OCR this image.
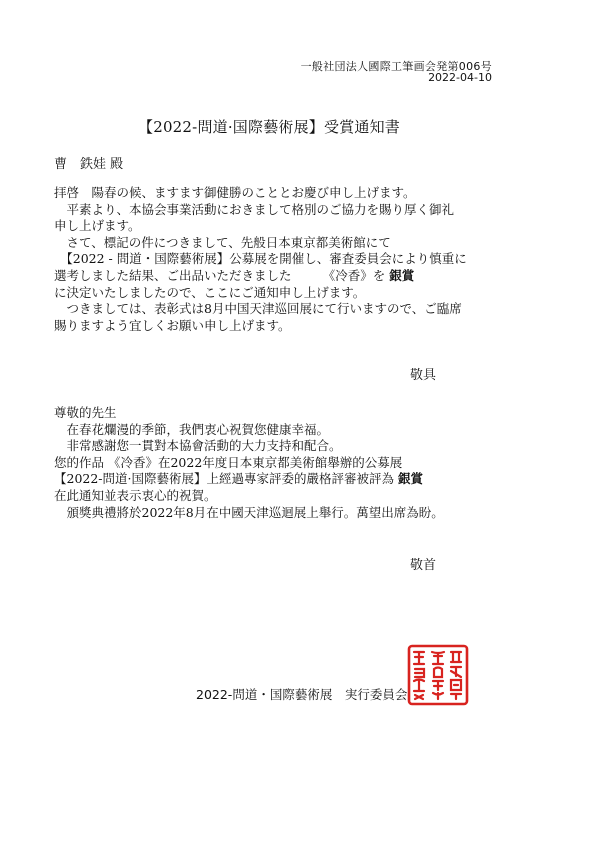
一般社団法人國際工筆画会発第006号
2022-04-10
【2022-問道·国際藝術展】受賞通知書
曹　鉄娃 殿
拝啓　陽春の候、ますます御健勝のこととお慶び申し上げます。
　平素より、本協会事業活動におきまして格別のご協力を賜り厚く御礼
申し上げます。
　さて、標記の件につきまして、先般日本東京都美術館にて
　【2022 - 問道・国際藝術展】公募展を開催し、審査委員会により慎重に
選考しました結果、ご出品いただきました　　　《冷香》を 銀賞
に決定いたしましたので、ここにご通知申し上げます。
　つきましては、表彰式は8月中国天津巡回展にて行いますので、ご臨席
賜りますよう宜しくお願い申し上げます。
敬具
尊敬的先生
　在春花爛漫的季節，我們衷心祝賀您健康幸福。
　非常感謝您一貫對本協會活動的大力支持和配合。
您的作品 《冷香》在2022年度日本東京都美術館舉辦的公募展
【2022-問道·国際藝術展】上經過專家評委的嚴格評審被評為 銀賞
在此通知並表示衷心的祝賀。
　頒獎典禮將於2022年8月在中國天津巡迴展上舉行。萬望出席為盼。
敬首
2022-問道・国際藝術展　実行委員会
